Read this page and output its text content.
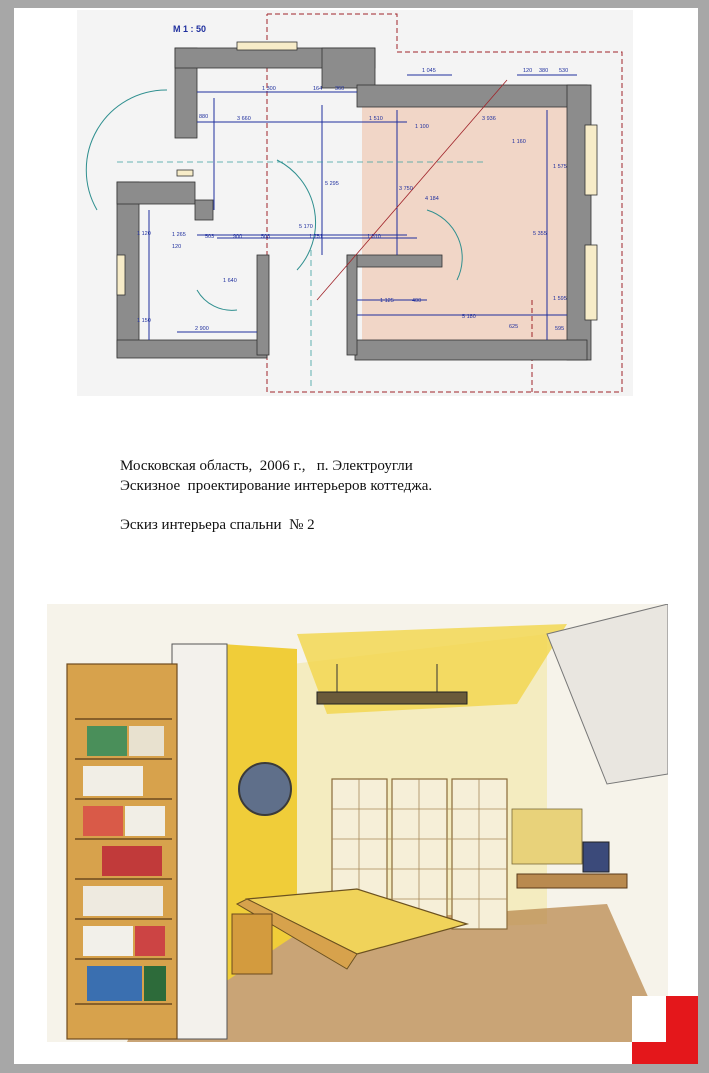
М 1 : 50
1 045	120 380 530
1 300	164 360
3 660	1 510
1 100
3 936
1 160
5 295
3 750
5 170
1 751	1 510
503	900	503
1 640
1 125	400
5 180
2 900
1 120
1 150
880
1 575
1 595
4 184
5 355
120
1 265
625	595
Московская область,  2006 г.,   п. Электроугли
Эскизное  проектирование интерьеров коттеджа.
Эскиз интерьера спальни  № 2
